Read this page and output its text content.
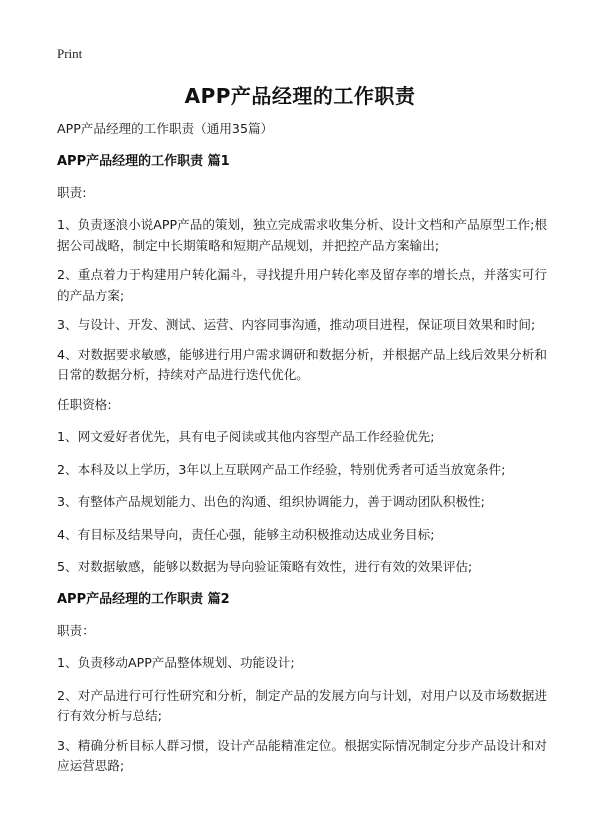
Print
APP产品经理的工作职责

APP产品经理的工作职责（通用35篇）

APP产品经理的工作职责 篇1

职责:

1、负责逐浪小说APP产品的策划，独立完成需求收集分析、设计文档和产品原型工作;根据公司战略，制定中长期策略和短期产品规划，并把控产品方案输出;

2、重点着力于构建用户转化漏斗，寻找提升用户转化率及留存率的增长点，并落实可行的产品方案;

3、与设计、开发、测试、运营、内容同事沟通，推动项目进程，保证项目效果和时间;

4、对数据要求敏感，能够进行用户需求调研和数据分析，并根据产品上线后效果分析和日常的数据分析，持续对产品进行迭代优化。

任职资格:

1、网文爱好者优先，具有电子阅读或其他内容型产品工作经验优先;

2、本科及以上学历，3年以上互联网产品工作经验，特别优秀者可适当放宽条件;

3、有整体产品规划能力、出色的沟通、组织协调能力，善于调动团队积极性;

4、有目标及结果导向，责任心强，能够主动积极推动达成业务目标;

5、对数据敏感，能够以数据为导向验证策略有效性，进行有效的效果评估;

APP产品经理的工作职责 篇2

职责：

1、负责移动APP产品整体规划、功能设计;

2、对产品进行可行性研究和分析，制定产品的发展方向与计划，对用户以及市场数据进行有效分析与总结;

3、精确分析目标人群习惯，设计产品能精准定位。根据实际情况制定分步产品设计和对应运营思路;
